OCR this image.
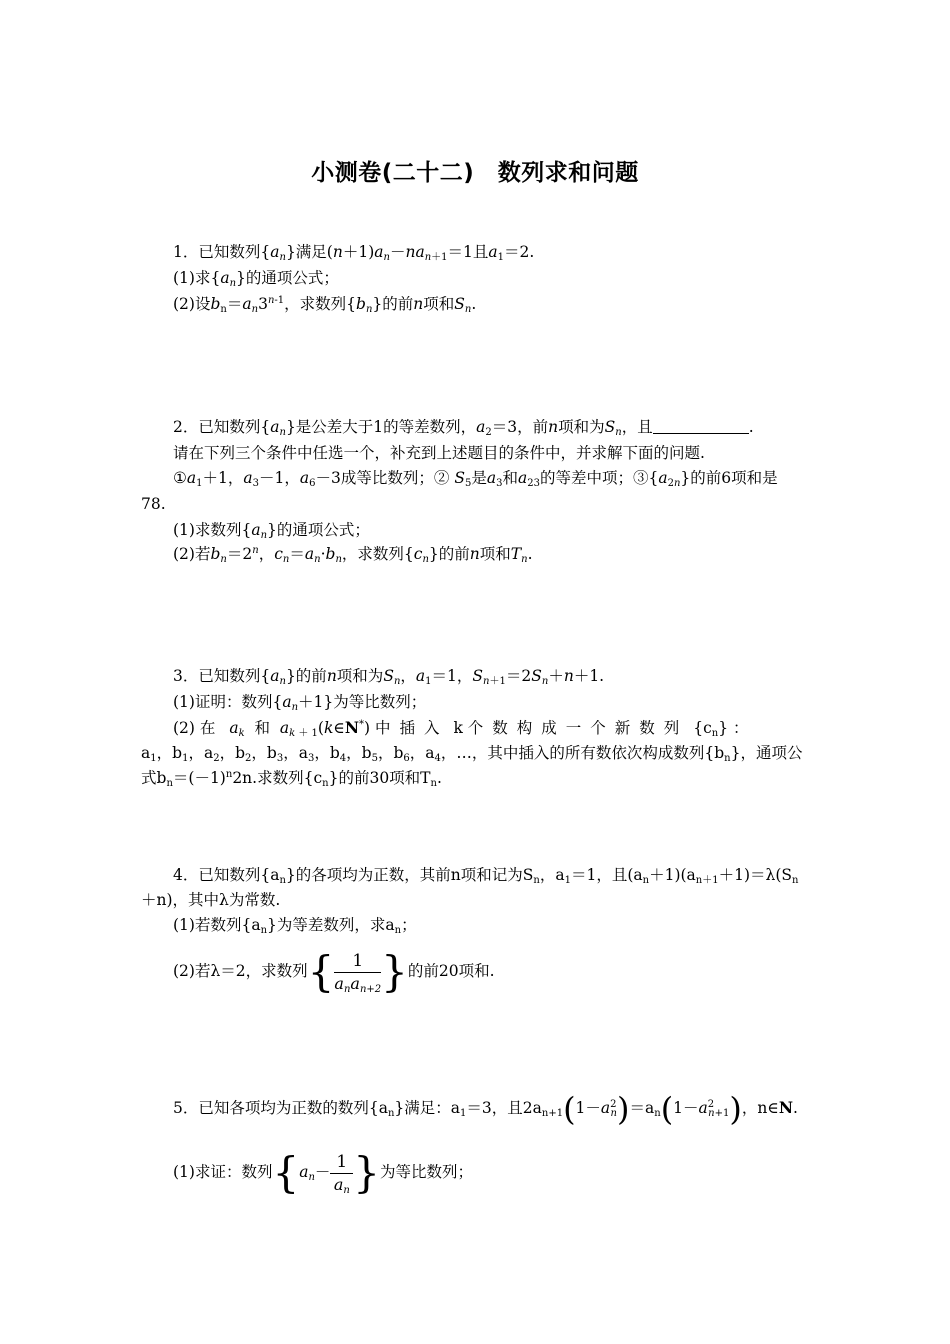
小测卷(二十二)　数列求和问题
1．已知数列$\{a_n\}$满足$(n+1)a_n-na_{n+1}=1$且$a_1=2$.
(1)求$\{a_n\}$的通项公式；
(2)设$b_n=a_n3^{n-1}$，求数列$\{b_n\}$的前n项和$S_n$.
2．已知数列$\{a_n\}$是公差大于1的等差数列，$a_2=3$，前n项和为$S_n$，且	.
请在下列三个条件中任选一个，补充到上述题目的条件中，并求解下面的问题.
$①a_1+1$，$a_3-1$，$a_6-3$成等比数列；② $S_5$是$a_3$和$a_{23}$的等差中项；$③\{a_{2n}\}$的前6项和是
78.
(1)求数列$\{a_n\}$的通项公式；
(2)若$b_n=2^n$，$c_n=a_n\cdot b_n$，求数列$\{c_n\}$的前n项和$T_n$.
3．已知数列$\{a_n\}$的前n项和为$S_n$，$a_1=1$，$S_{n+1}=2S_n+n+1$.
(1)证明：数列$\{a_n+1\}$为等比数列；
(2) 在 $a_k$  和  $a_{k + 1}(k\in N^*)$ 中插入 k 个数构成一个新数列 $\{c_n\}$ ：
$a_1$，$b_1$，$a_2$，$b_2$，$b_3$，$a_3$，$b_4$，$b_5$，$b_6$，$a_4$，…，其中插入的所有数依次构成数列$\{b_n\}$，通项公
式$b_n=(-1)^n2n$.求数列$\{c_n\}$的前30项和$T_n$.
4．已知数列$\{a_n\}$的各项均为正数，其前n项和记为$S_n$，$a_1=1$，且$(a_n+1)(a_{n+1}+1)=\lambda(S_n$
＋n)，其中λ为常数.
(1)若数列$\{a_n\}$为等差数列，求$a_n$；
(2)若λ＝2，求数列{ $\frac{1}{a_na_{n+2}}$ }的前20项和.
5．已知各项均为正数的数列$\{a_n\}$满足：$a_1=3$，且$2a_{n+1}(1-a^2_n)=a_n(1-a^2_{n+1})$，n∈N.
(1)求证：数列{$a_n- \frac{1}{a_n}$ }为等比数列；
